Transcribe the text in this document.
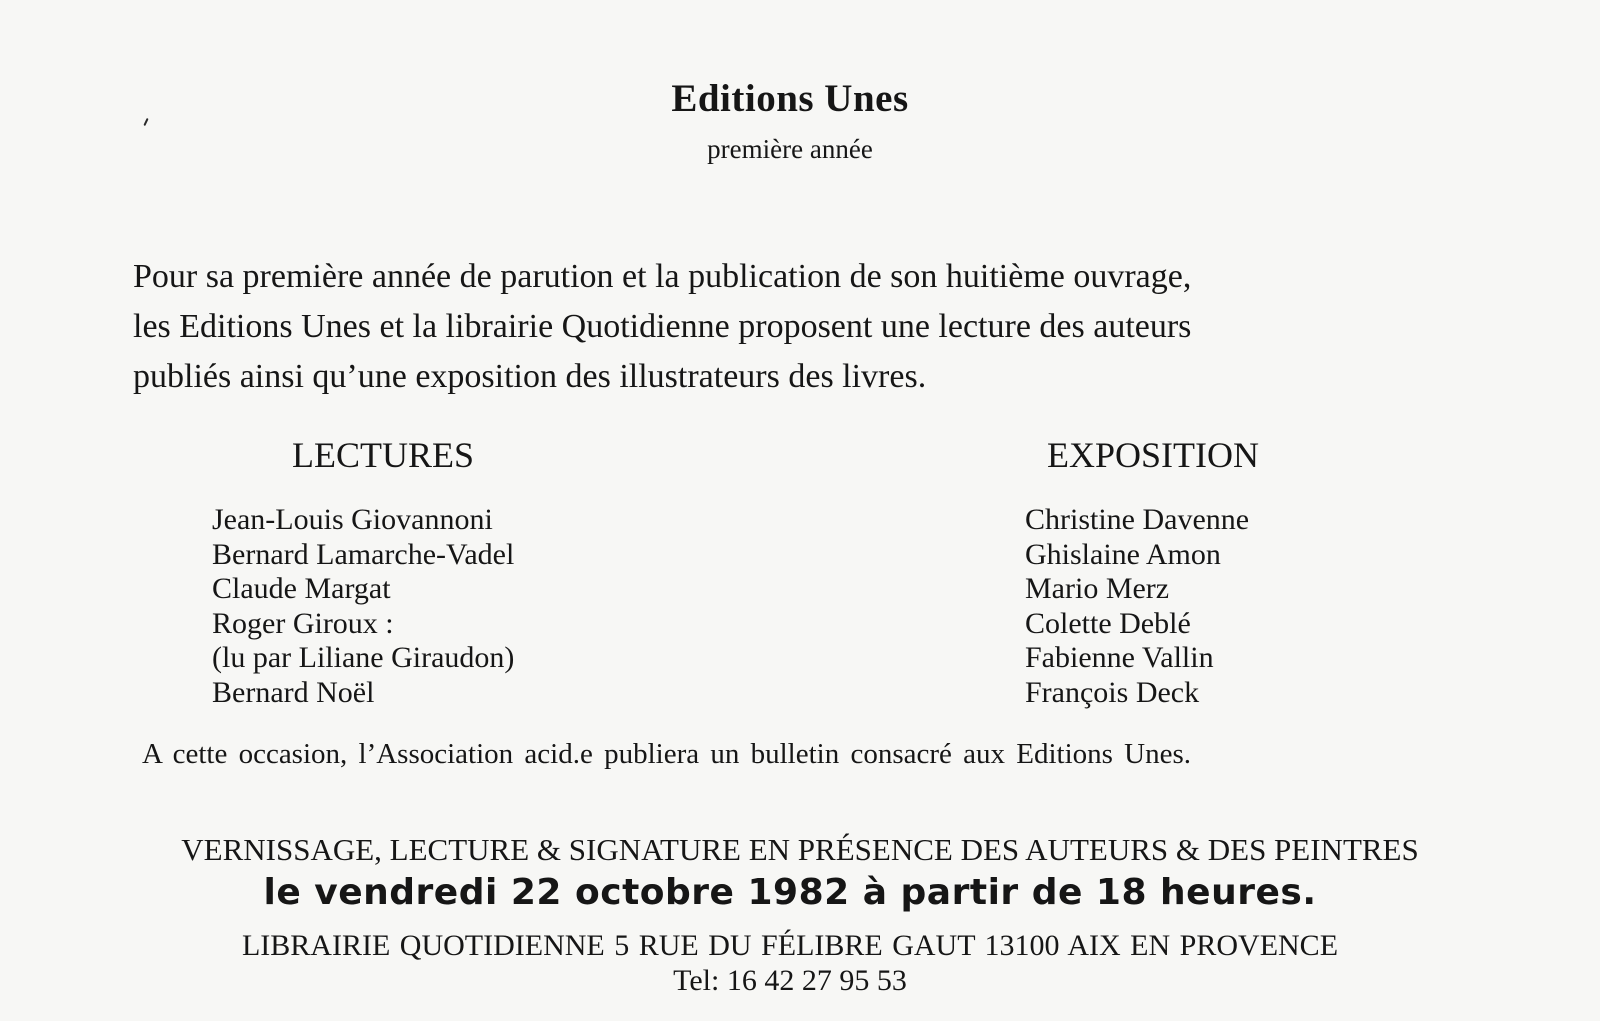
Editions Unes
première année
Pour sa première année de parution et la publication de son huitième ouvrage,
les Editions Unes et la librairie Quotidienne proposent une lecture des auteurs
publiés ainsi qu’une exposition des illustrateurs des livres.
LECTURES	EXPOSITION
Jean-Louis Giovannoni
Bernard Lamarche-Vadel
Claude Margat
Roger Giroux :
(lu par Liliane Giraudon)
Bernard Noël
Christine Davenne
Ghislaine Amon
Mario Merz
Colette Deblé
Fabienne Vallin
François Deck
A cette occasion, l’Association acid.e publiera un bulletin consacré aux Editions Unes.
VERNISSAGE, LECTURE & SIGNATURE EN PRÉSENCE DES AUTEURS & DES PEINTRES
le vendredi 22 octobre 1982 à partir de 18 heures.
LIBRAIRIE QUOTIDIENNE 5 RUE DU FÉLIBRE GAUT 13100 AIX EN PROVENCE
Tel: 16 42 27 95 53
